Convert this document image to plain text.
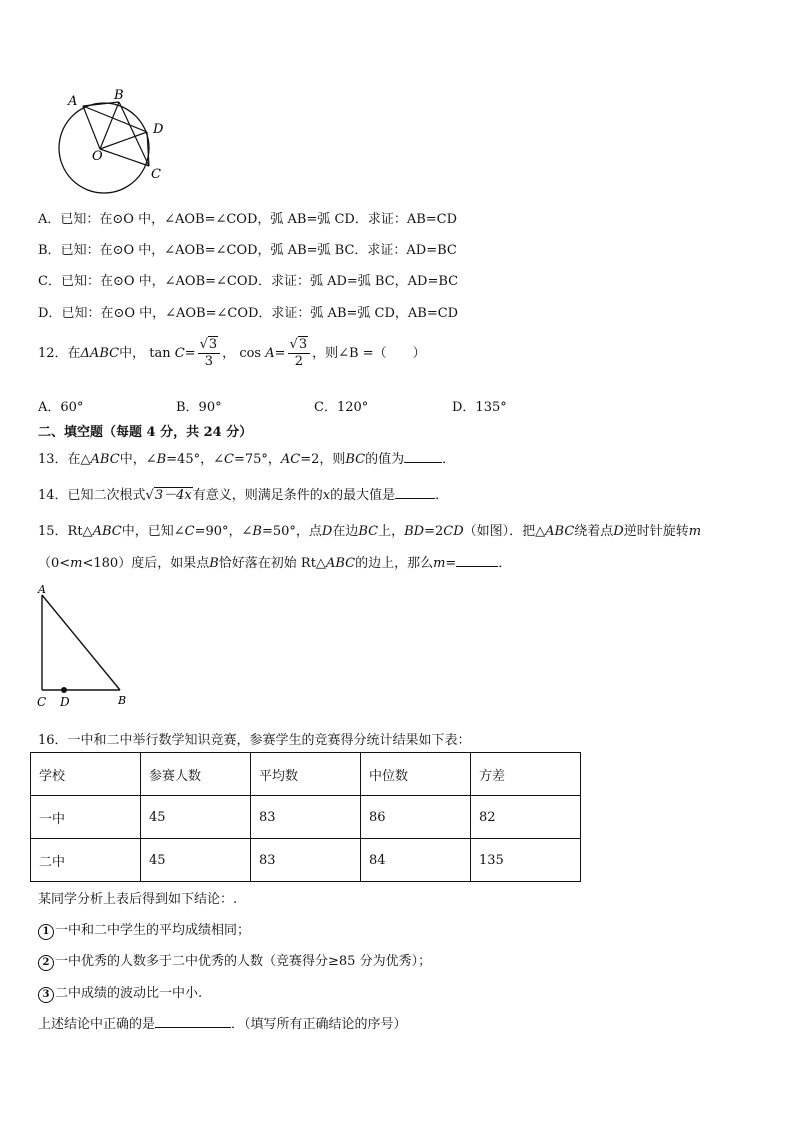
A	B
D
O
C
A．已知：在⊙O 中，∠AOB=∠COD，弧 AB=弧 CD．求证：AB=CD
B．已知：在⊙O 中，∠AOB=∠COD，弧 AB=弧 BC．求证：AD=BC
C．已知：在⊙O 中，∠AOB=∠COD．求证：弧 AD=弧 BC，AD=BC
D．已知：在⊙O 中，∠AOB=∠COD．求证：弧 AB=弧 CD，AB=CD
12．在ΔABC中， $\tan C= \frac{√3}{3}$ ， $\cos A= \frac{√3}{2}$ ，则∠B =（　　）
A．60°	B．90°	C．120°	D．135°
二、填空题（每题 4 分，共 24 分）
13．在△ABC中，∠B=45°，∠C=75°，AC=2，则BC的值为	．
14．已知二次根式√3－4x有意义，则满足条件的x的最大值是	．
15．Rt△ABC中，已知∠C=90°，∠B=50°，点D在边BC上，BD=2CD（如图）．把△ABC绕着点D逆时针旋转m
（0<m<180）度后，如果点B恰好落在初始 Rt△ABC的边上，那么m=	．
A
C D	B
16．一中和二中举行数学知识竞赛，参赛学生的竞赛得分统计结果如下表：
学校	参赛人数	平均数	中位数	方差
一中	45	83	86	82
二中	45	83	84	135
某同学分析上表后得到如下结论：.
1 一中和二中学生的平均成绩相同；
2 一中优秀的人数多于二中优秀的人数（竞赛得分≥85 分为优秀）；
3 二中成绩的波动比一中小.
上述结论中正确的是	．（填写所有正确结论的序号）
